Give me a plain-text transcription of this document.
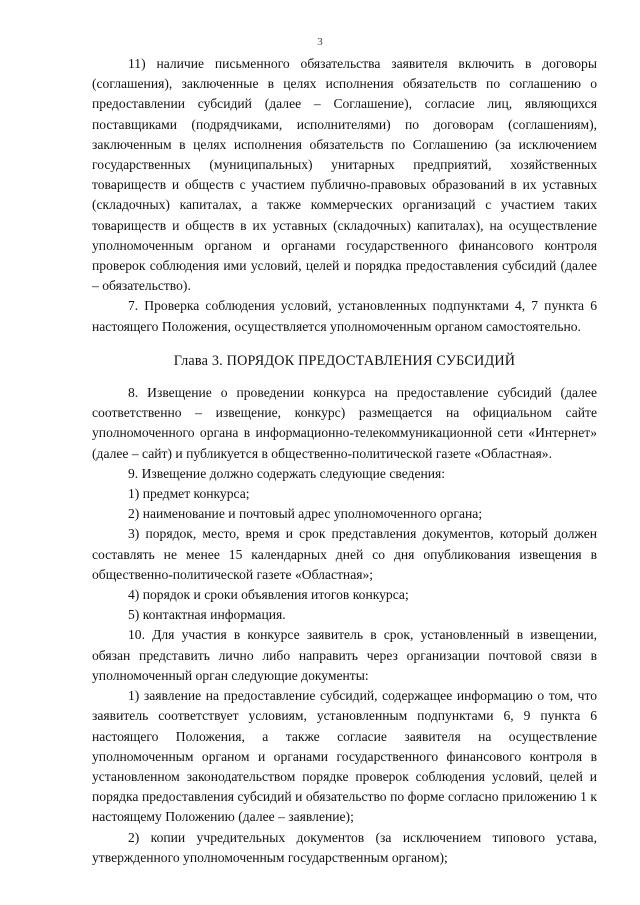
3

11) наличие письменного обязательства заявителя включить в договоры (соглашения), заключенные в целях исполнения обязательств по соглашению о предоставлении субсидий (далее – Соглашение), согласие лиц, являющихся поставщиками (подрядчиками, исполнителями) по договорам (соглашениям), заключенным в целях исполнения обязательств по Соглашению (за исключением государственных (муниципальных) унитарных предприятий, хозяйственных товариществ и обществ с участием публично-правовых образований в их уставных (складочных) капиталах, а также коммерческих организаций с участием таких товариществ и обществ в их уставных (складочных) капиталах), на осуществление уполномоченным органом и органами государственного финансового контроля проверок соблюдения ими условий, целей и порядка предоставления субсидий (далее – обязательство).

7. Проверка соблюдения условий, установленных подпунктами 4, 7 пункта 6 настоящего Положения, осуществляется уполномоченным органом самостоятельно.

Глава 3. ПОРЯДОК ПРЕДОСТАВЛЕНИЯ СУБСИДИЙ

8. Извещение о проведении конкурса на предоставление субсидий (далее соответственно – извещение, конкурс) размещается на официальном сайте уполномоченного органа в информационно-телекоммуникационной сети «Интернет» (далее – сайт) и публикуется в общественно-политической газете «Областная».

9. Извещение должно содержать следующие сведения:

1) предмет конкурса;

2) наименование и почтовый адрес уполномоченного органа;

3) порядок, место, время и срок представления документов, который должен составлять не менее 15 календарных дней со дня опубликования извещения в общественно-политической газете «Областная»;

4) порядок и сроки объявления итогов конкурса;

5) контактная информация.

10. Для участия в конкурсе заявитель в срок, установленный в извещении, обязан представить лично либо направить через организации почтовой связи в уполномоченный орган следующие документы:

1) заявление на предоставление субсидий, содержащее информацию о том, что заявитель соответствует условиям, установленным подпунктами 6, 9 пункта 6 настоящего Положения, а также согласие заявителя на осуществление уполномоченным органом и органами государственного финансового контроля в установленном законодательством порядке проверок соблюдения условий, целей и порядка предоставления субсидий и обязательство по форме согласно приложению 1 к настоящему Положению (далее – заявление);

2) копии учредительных документов (за исключением типового устава, утвержденного уполномоченным государственным органом);
